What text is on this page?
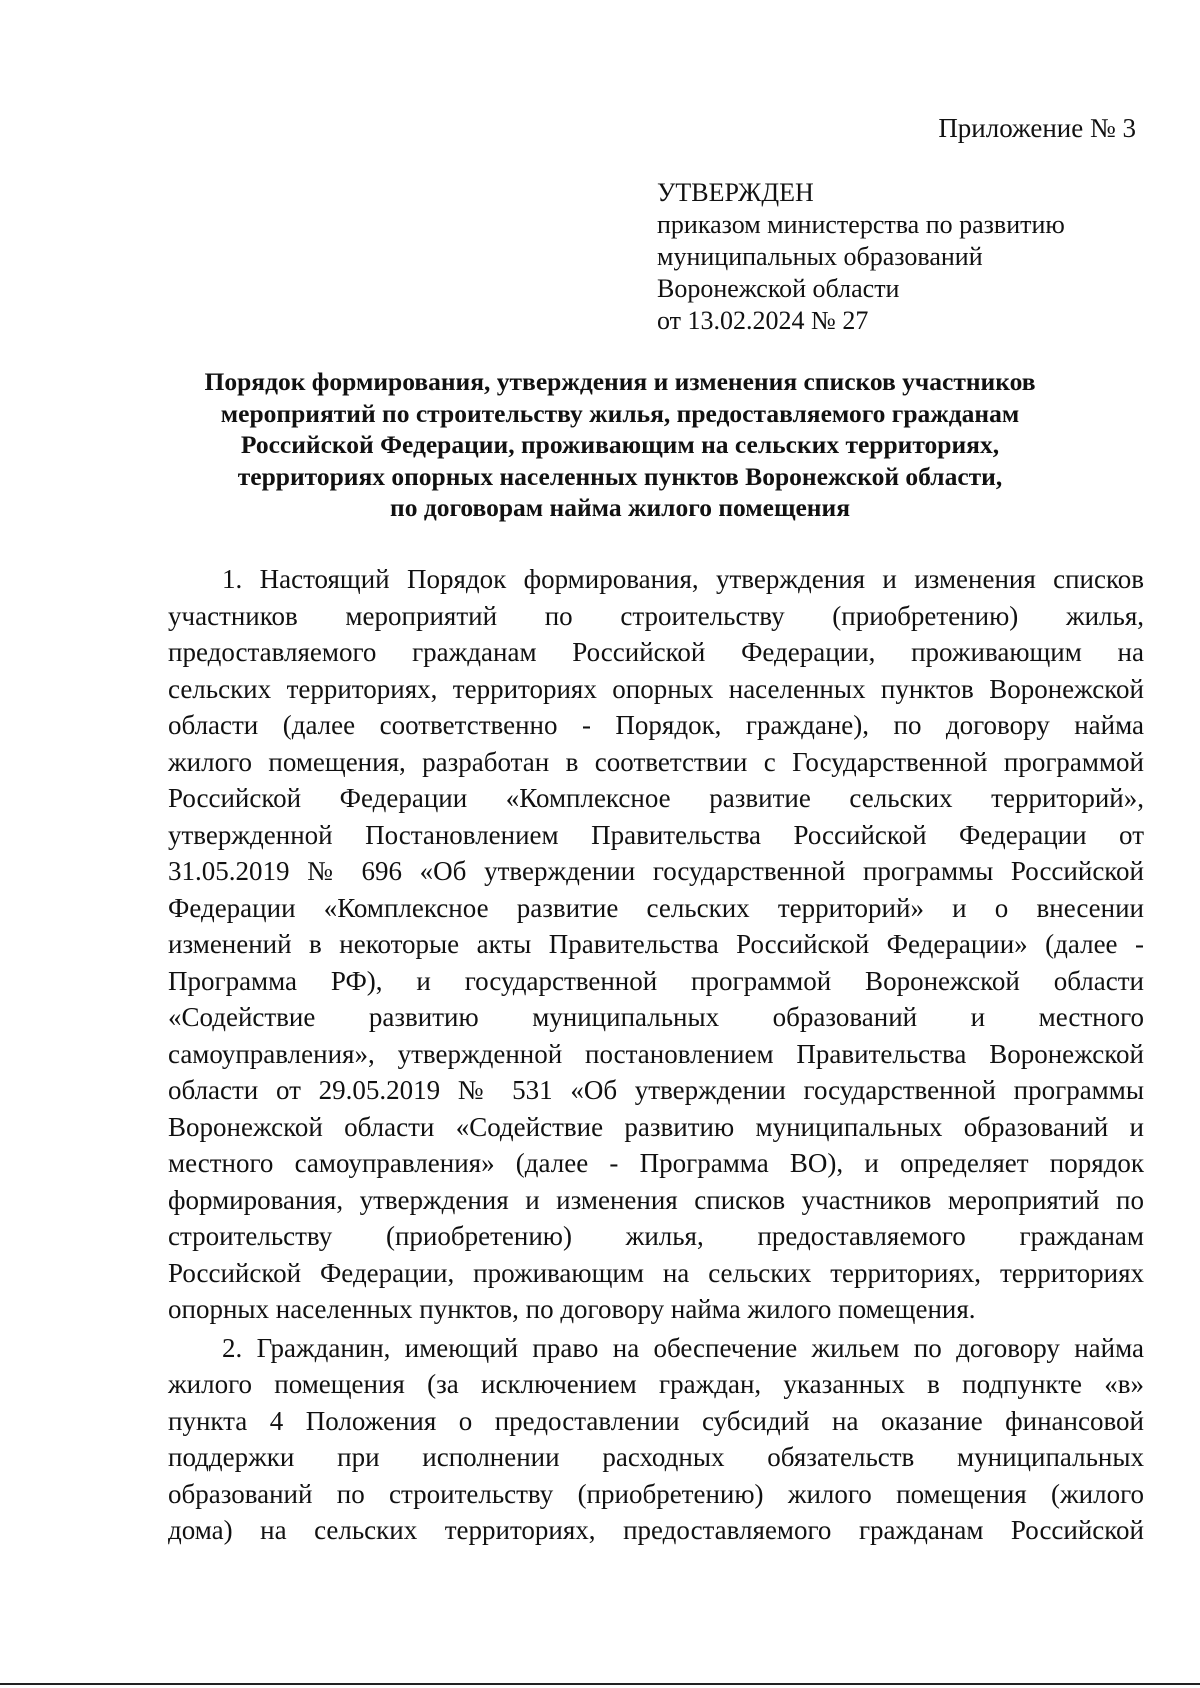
Приложение № 3
УТВЕРЖДЕН
приказом министерства по развитию
муниципальных образований
Воронежской области
от 13.02.2024 № 27
Порядок формирования, утверждения и изменения списков участников
мероприятий по строительству жилья, предоставляемого гражданам
Российской Федерации, проживающим на сельских территориях,
территориях опорных населенных пунктов Воронежской области,
по договорам найма жилого помещения
1. Настоящий Порядок формирования, утверждения и изменения списков
участников мероприятий по строительству (приобретению) жилья,
предоставляемого гражданам Российской Федерации, проживающим на
сельских территориях, территориях опорных населенных пунктов Воронежской
области (далее соответственно - Порядок, граждане), по договору найма
жилого помещения, разработан в соответствии с Государственной программой
Российской Федерации «Комплексное развитие сельских территорий»,
утвержденной Постановлением Правительства Российской Федерации от
31.05.2019 № 696 «Об утверждении государственной программы Российской
Федерации «Комплексное развитие сельских территорий» и о внесении
изменений в некоторые акты Правительства Российской Федерации» (далее -
Программа РФ), и государственной программой Воронежской области
«Содействие развитию муниципальных образований и местного
самоуправления», утвержденной постановлением Правительства Воронежской
области от 29.05.2019 № 531 «Об утверждении государственной программы
Воронежской области «Содействие развитию муниципальных образований и
местного самоуправления» (далее - Программа ВО), и определяет порядок
формирования, утверждения и изменения списков участников мероприятий по
строительству (приобретению) жилья, предоставляемого гражданам
Российской Федерации, проживающим на сельских территориях, территориях
опорных населенных пунктов, по договору найма жилого помещения.
2. Гражданин, имеющий право на обеспечение жильем по договору найма
жилого помещения (за исключением граждан, указанных в подпункте «в»
пункта 4 Положения о предоставлении субсидий на оказание финансовой
поддержки при исполнении расходных обязательств муниципальных
образований по строительству (приобретению) жилого помещения (жилого
дома) на сельских территориях, предоставляемого гражданам Российской
